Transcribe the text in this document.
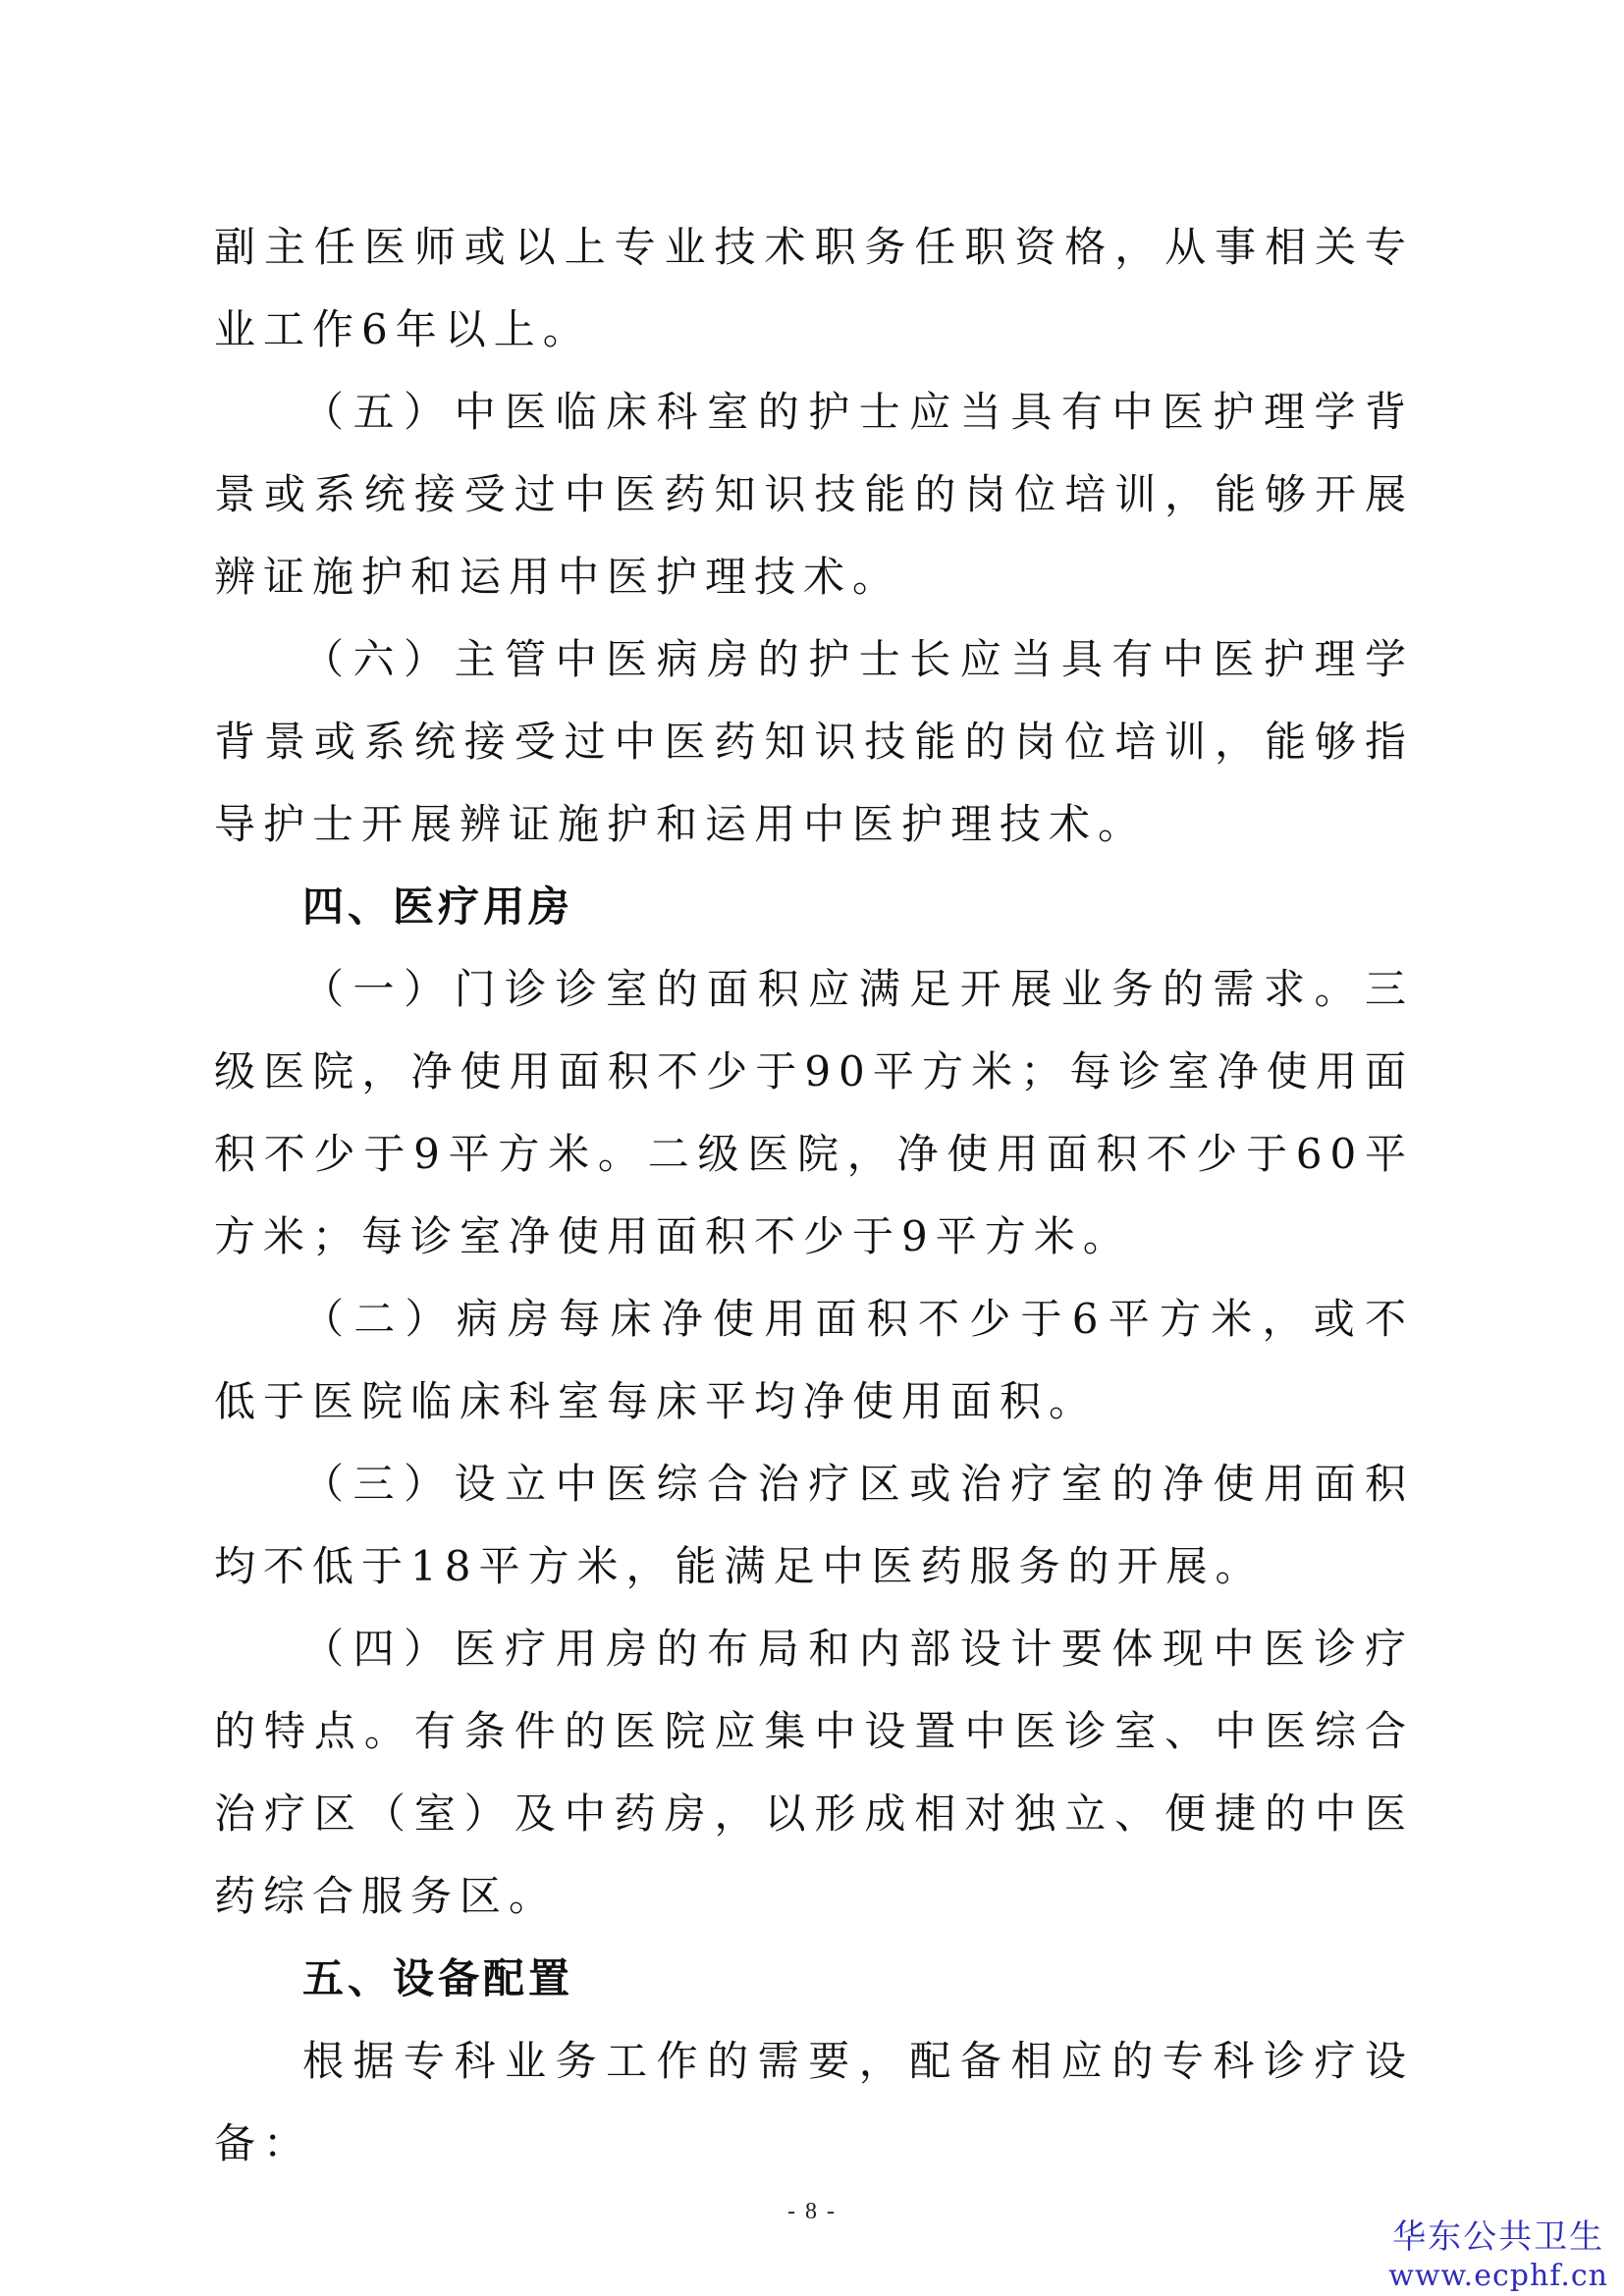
副主任医师或以上专业技术职务任职资格，从事相关专业工作6年以上。

（五）中医临床科室的护士应当具有中医护理学背景或系统接受过中医药知识技能的岗位培训，能够开展辨证施护和运用中医护理技术。

（六）主管中医病房的护士长应当具有中医护理学背景或系统接受过中医药知识技能的岗位培训，能够指导护士开展辨证施护和运用中医护理技术。

四、医疗用房

（一）门诊诊室的面积应满足开展业务的需求。三级医院，净使用面积不少于90平方米；每诊室净使用面积不少于9平方米。二级医院，净使用面积不少于60平方米；每诊室净使用面积不少于9平方米。

（二）病房每床净使用面积不少于6平方米，或不低于医院临床科室每床平均净使用面积。

（三）设立中医综合治疗区或治疗室的净使用面积均不低于18平方米，能满足中医药服务的开展。

（四）医疗用房的布局和内部设计要体现中医诊疗的特点。有条件的医院应集中设置中医诊室、中医综合治疗区（室）及中药房，以形成相对独立、便捷的中医药综合服务区。

五、设备配置

根据专科业务工作的需要，配备相应的专科诊疗设备：

- 8 -
华东公共卫生
www.ecphf.cn
